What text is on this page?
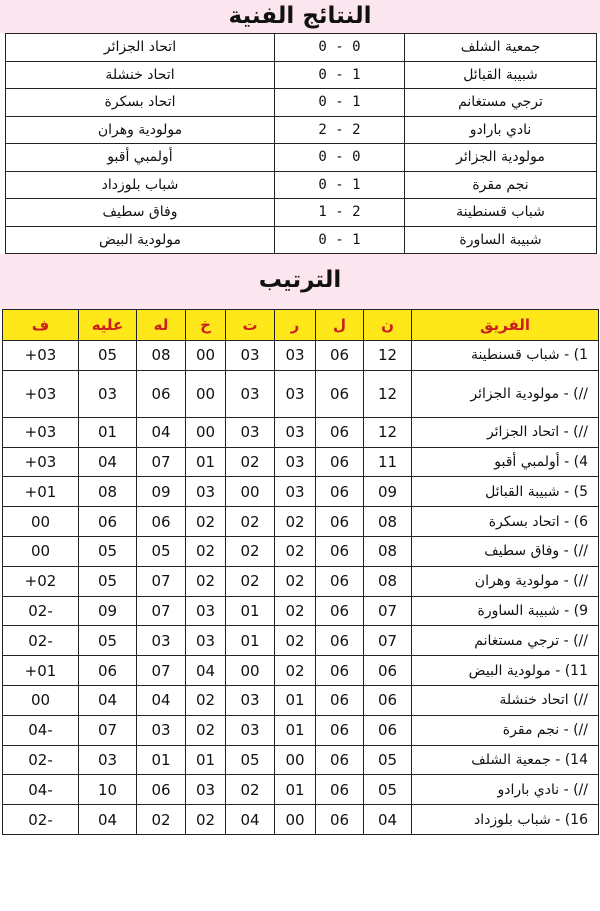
النتائج الفنية
جمعية الشلف	0 - 0	اتحاد الجزائر
شبيبة القبائل	1 - 0	اتحاد خنشلة
ترجي مستغانم	1 - 0	اتحاد بسكرة
نادي بارادو	2 - 2	مولودية وهران
مولودية الجزائر	0 - 0	أولمبي أقبو
نجم مقرة	1 - 0	شباب بلوزداد
شباب قسنطينة	2 - 1	وفاق سطيف
شبيبة الساورة	1 - 0	مولودية البيض
الترتيب
الفريق	ن	ل	ر	ت	خ	له	عليه	ف
1) - شباب قسنطينة	12	06	03	03	00	08	05	+03
//) - مولودية الجزائر	12	06	03	03	00	06	03	+03
//) - اتحاد الجزائر	12	06	03	03	00	04	01	+03
4) - أولمبي أقبو	11	06	03	02	01	07	04	+03
5) - شبيبة القبائل	09	06	03	00	03	09	08	+01
6) - اتحاد بسكرة	08	06	02	02	02	06	06	00
//) - وفاق سطيف	08	06	02	02	02	05	05	00
//) - مولودية وهران	08	06	02	02	02	07	05	+02
9) - شبيبة الساورة	07	06	02	01	03	07	09	02-
//) - ترجي مستغانم	07	06	02	01	03	03	05	02-
11) - مولودية البيض	06	06	02	00	04	07	06	+01
//) اتحاد خنشلة	06	06	01	03	02	04	04	00
//) - نجم مقرة	06	06	01	03	02	03	07	04-
14) - جمعية الشلف	05	06	00	05	01	01	03	02-
//) - نادي بارادو	05	06	01	02	03	06	10	04-
16) - شباب بلوزداد	04	06	00	04	02	02	04	02-
